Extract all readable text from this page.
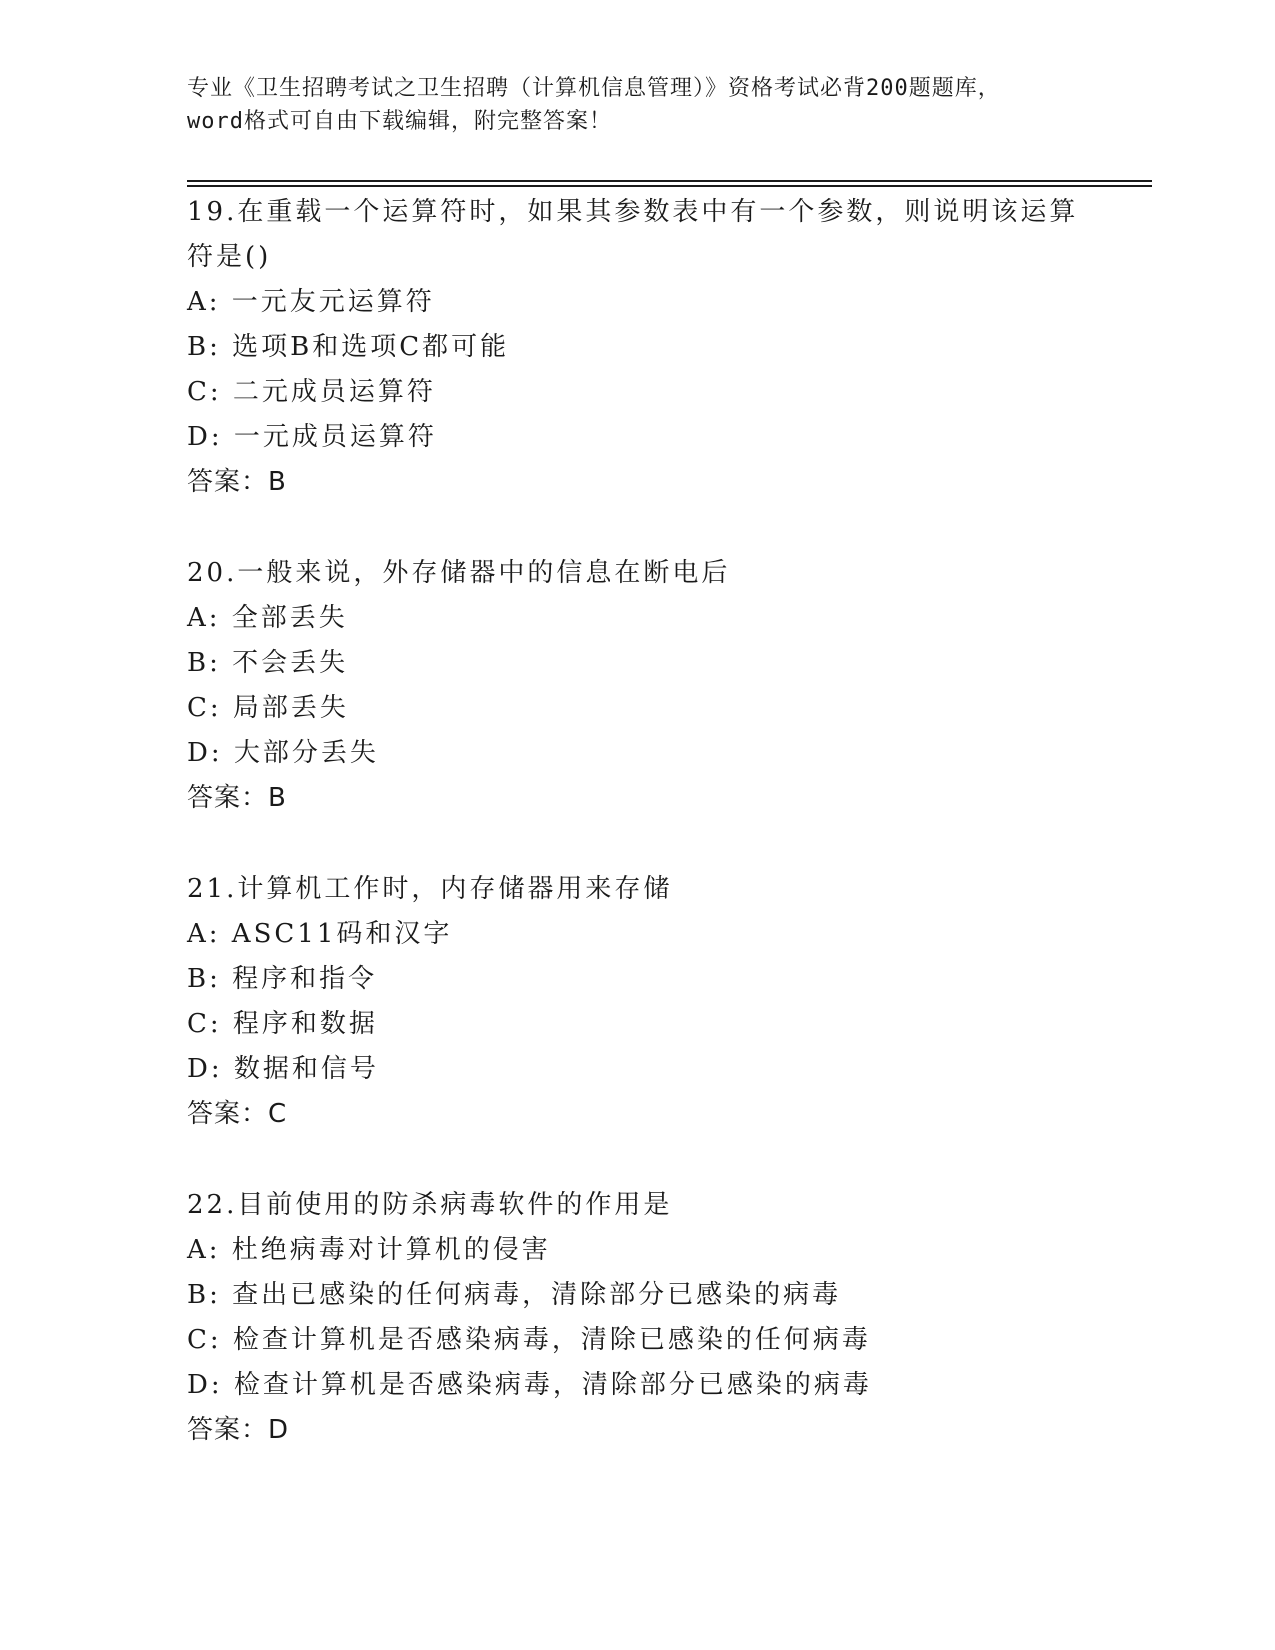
专业《卫生招聘考试之卫生招聘（计算机信息管理）》资格考试必背200题题库，
word格式可自由下载编辑，附完整答案！
19.在重载一个运算符时，如果其参数表中有一个参数，则说明该运算
符是()
A: 一元友元运算符
B: 选项B和选项C都可能
C: 二元成员运算符
D: 一元成员运算符
答案：B
20.一般来说，外存储器中的信息在断电后
A: 全部丢失
B: 不会丢失
C: 局部丢失
D: 大部分丢失
答案：B
21.计算机工作时，内存储器用来存储
A: ASC11码和汉字
B: 程序和指令
C: 程序和数据
D: 数据和信号
答案：C
22.目前使用的防杀病毒软件的作用是
A: 杜绝病毒对计算机的侵害
B: 查出已感染的任何病毒，清除部分已感染的病毒
C: 检查计算机是否感染病毒，清除已感染的任何病毒
D: 检查计算机是否感染病毒，清除部分已感染的病毒
答案：D
